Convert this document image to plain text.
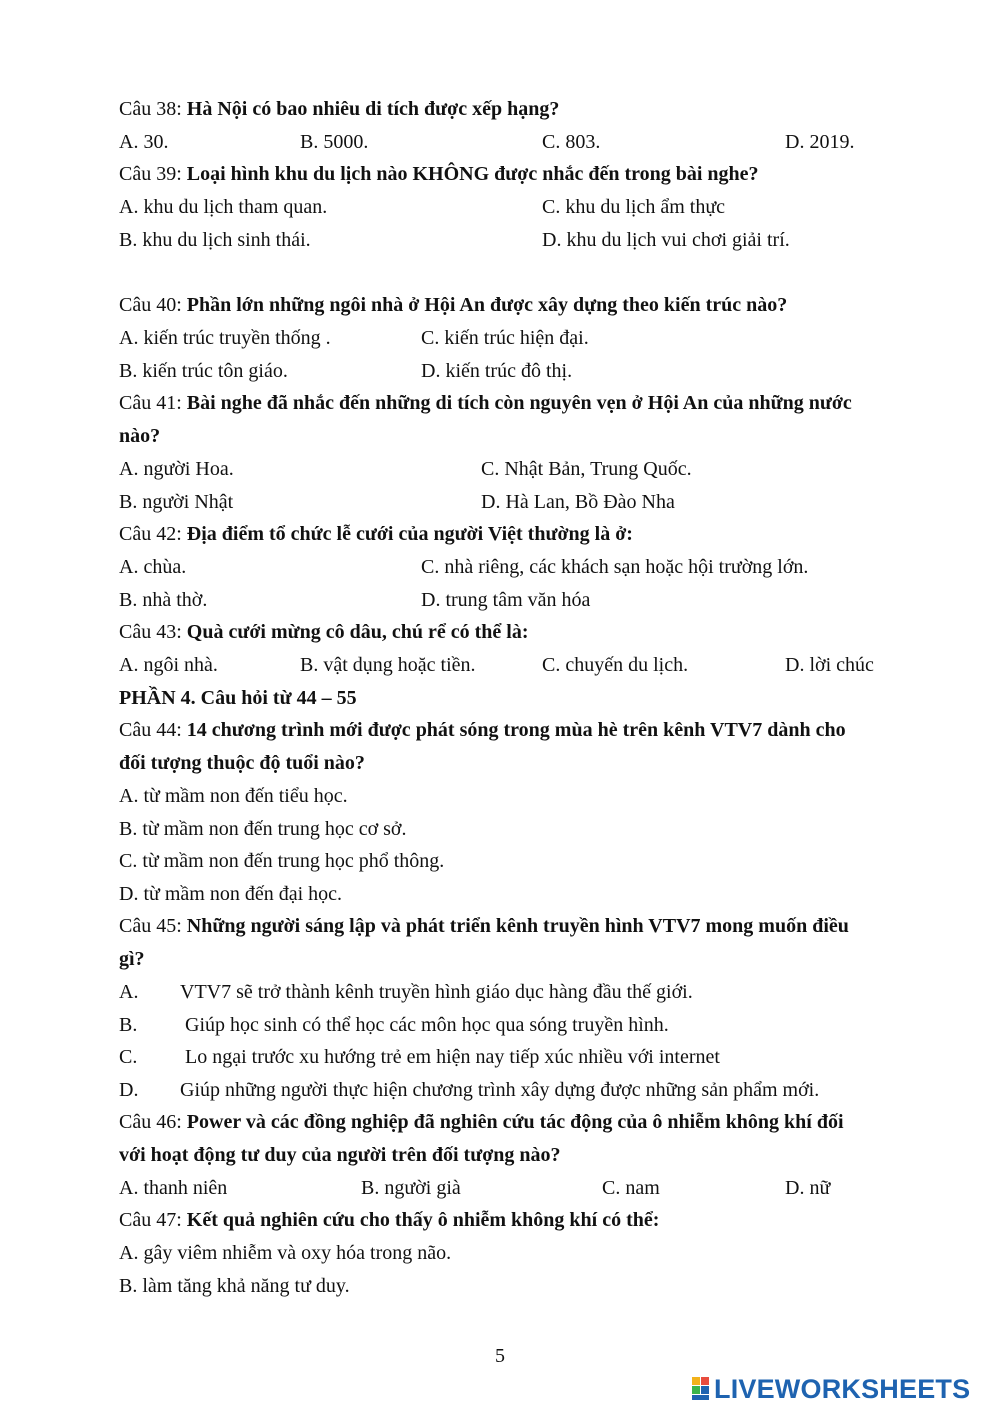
Câu 38: Hà Nội có bao nhiêu di tích được xếp hạng?
A. 30.	B. 5000.	C. 803.	D. 2019.
Câu 39: Loại hình khu du lịch nào KHÔNG được nhắc đến trong bài nghe?
A. khu du lịch tham quan.	C. khu du lịch ẩm thực
B. khu du lịch sinh thái.	D. khu du lịch vui chơi giải trí.
Câu 40: Phần lớn những ngôi nhà ở Hội An được xây dựng theo kiến trúc nào?
A. kiến trúc truyền thống .	C. kiến trúc hiện đại.
B. kiến trúc tôn giáo.	D. kiến trúc đô thị.
Câu 41: Bài nghe đã nhắc đến những di tích còn nguyên vẹn ở Hội An của những nước
nào?
A. người Hoa.	C. Nhật Bản, Trung Quốc.
B. người Nhật	D. Hà Lan, Bồ Đào Nha
Câu 42: Địa điểm tổ chức lễ cưới của người Việt thường là ở:
A. chùa.	C. nhà riêng, các khách sạn hoặc hội trường lớn.
B. nhà thờ.	D. trung tâm văn hóa
Câu 43: Quà cưới mừng cô dâu, chú rể có thể là:
A. ngôi nhà.	B. vật dụng hoặc tiền.	C. chuyến du lịch.	D. lời chúc
PHẦN 4. Câu hỏi từ 44 – 55
Câu 44: 14 chương trình mới được phát sóng trong mùa hè trên kênh VTV7 dành cho
đối tượng thuộc độ tuổi nào?
A. từ mầm non đến tiểu học.
B. từ mầm non đến trung học cơ sở.
C. từ mầm non đến trung học phổ thông.
D. từ mầm non đến đại học.
Câu 45: Những người sáng lập và phát triển kênh truyền hình VTV7 mong muốn điều
gì?
A. VTV7 sẽ trở thành kênh truyền hình giáo dục hàng đầu thế giới.
B. Giúp học sinh có thể học các môn học qua sóng truyền hình.
C. Lo ngại trước xu hướng trẻ em hiện nay tiếp xúc nhiều với internet
D. Giúp những người thực hiện chương trình xây dựng được những sản phẩm mới.
Câu 46: Power và các đồng nghiệp đã nghiên cứu tác động của ô nhiễm không khí đối
với hoạt động tư duy của người trên đối tượng nào?
A. thanh niên	B. người già	C. nam	D. nữ
Câu 47: Kết quả nghiên cứu cho thấy ô nhiễm không khí có thể:
A. gây viêm nhiễm và oxy hóa trong não.
B. làm tăng khả năng tư duy.
5
LIVEWORKSHEETS
